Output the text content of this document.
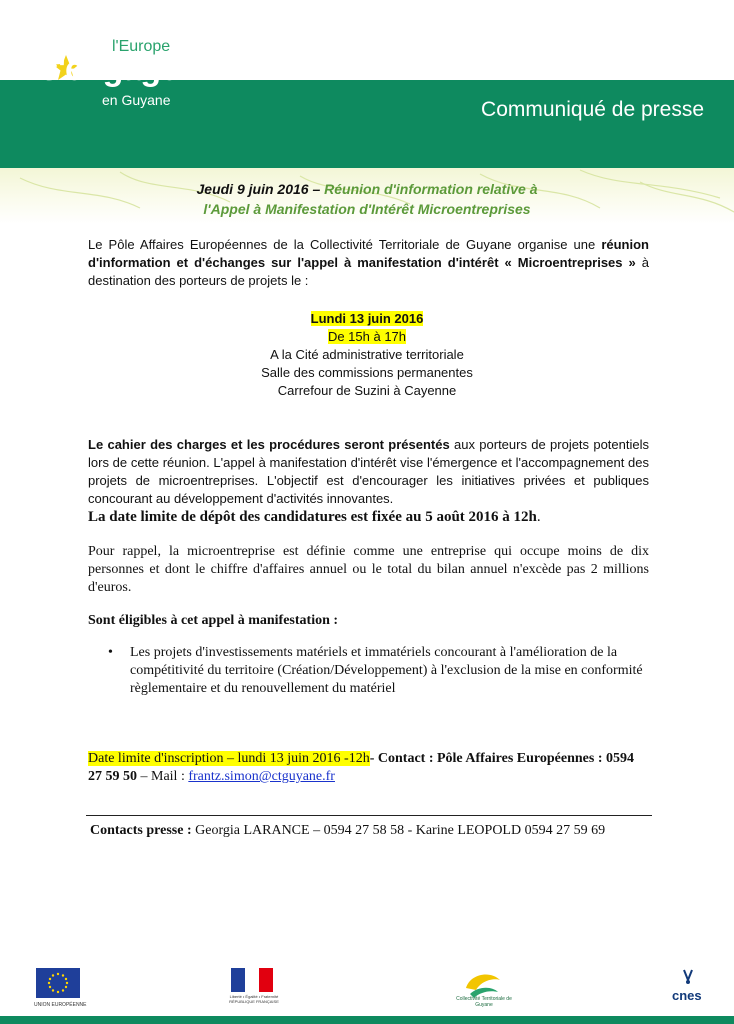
l'Europe
s'engage
en Guyane	Communiqué de presse
Jeudi 9 juin 2016 – Réunion d'information relative à
l'Appel à Manifestation d'Intérêt Microentreprises
Le Pôle Affaires Européennes de la Collectivité Territoriale de Guyane organise une réunion d'information et d'échanges sur l'appel à manifestation d'intérêt « Microentreprises » à destination des porteurs de projets le :
Lundi 13 juin 2016
De 15h à 17h
A la Cité administrative territoriale
Salle des commissions permanentes
Carrefour de Suzini à Cayenne
Le cahier des charges et les procédures seront présentés aux porteurs de projets potentiels lors de cette réunion. L'appel à manifestation d'intérêt vise l'émergence et l'accompagnement des projets de microentreprises. L'objectif est d'encourager les initiatives privées et publiques concourant au développement d'activités innovantes.
La date limite de dépôt des candidatures est fixée au 5 août 2016 à 12h.
Pour rappel, la microentreprise est définie comme une entreprise qui occupe moins de dix personnes et dont le chiffre d'affaires annuel ou le total du bilan annuel n'excède pas 2 millions d'euros.
Sont éligibles à cet appel à manifestation :
• Les projets d'investissements matériels et immatériels concourant à l'amélioration de la compétitivité du territoire (Création/Développement) à l'exclusion de la mise en conformité règlementaire et du renouvellement du matériel
Date limite d'inscription – lundi 13 juin 2016 -12h- Contact : Pôle Affaires Européennes : 0594 27 59 50 – Mail : frantz.simon@ctguyane.fr
Contacts presse : Georgia LARANCE – 0594 27 58 58 - Karine LEOPOLD 0594 27 59 69
UNION EUROPÉENNE
Liberté • Égalité • Fraternité RÉPUBLIQUE FRANÇAISE	Collectivité Territoriale de Guyane
cnes
